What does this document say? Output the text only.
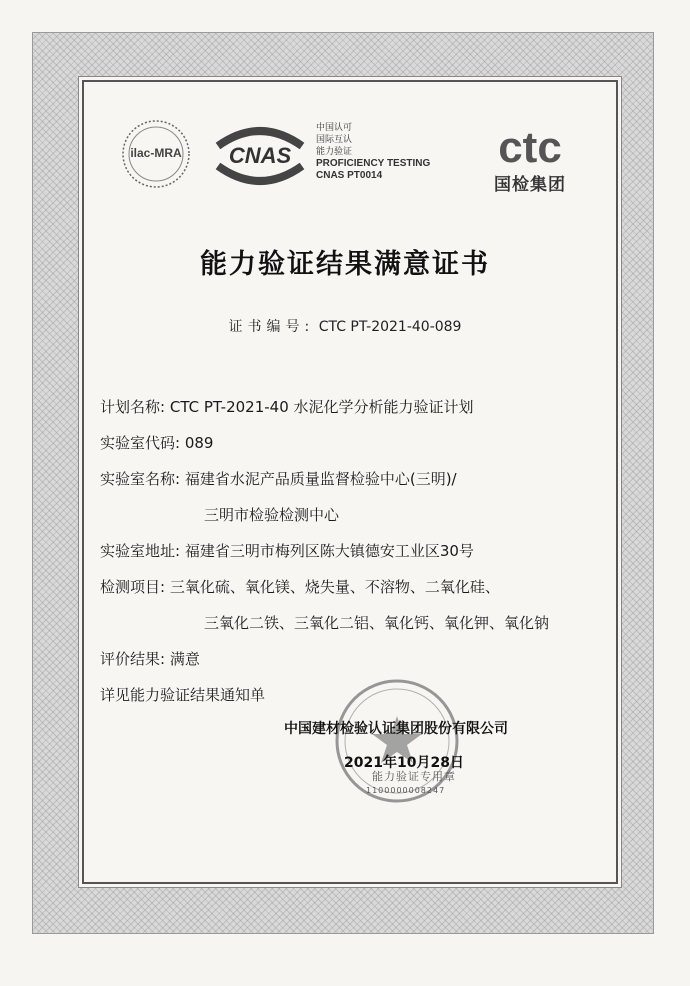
ilac-MRA	CNAS
中国认可
国际互认
能力验证
PROFICIENCY TESTING
CNAS PT0014
ctc
国检集团
能力验证结果满意证书
证书编号: CTC PT-2021-40-089
计划名称: CTC PT-2021-40 水泥化学分析能力验证计划
实验室代码: 089
实验室名称: 福建省水泥产品质量监督检验中心(三明)/
三明市检验检测中心
实验室地址: 福建省三明市梅列区陈大镇德安工业区30号
检测项目: 三氧化硫、氧化镁、烧失量、不溶物、二氧化硅、
三氧化二铁、三氧化二铝、氧化钙、氧化钾、氧化钠
评价结果: 满意
详见能力验证结果通知单
中国建材检验认证集团股份有限公司
2021年10月28日
能力验证专用章
1100000008247
